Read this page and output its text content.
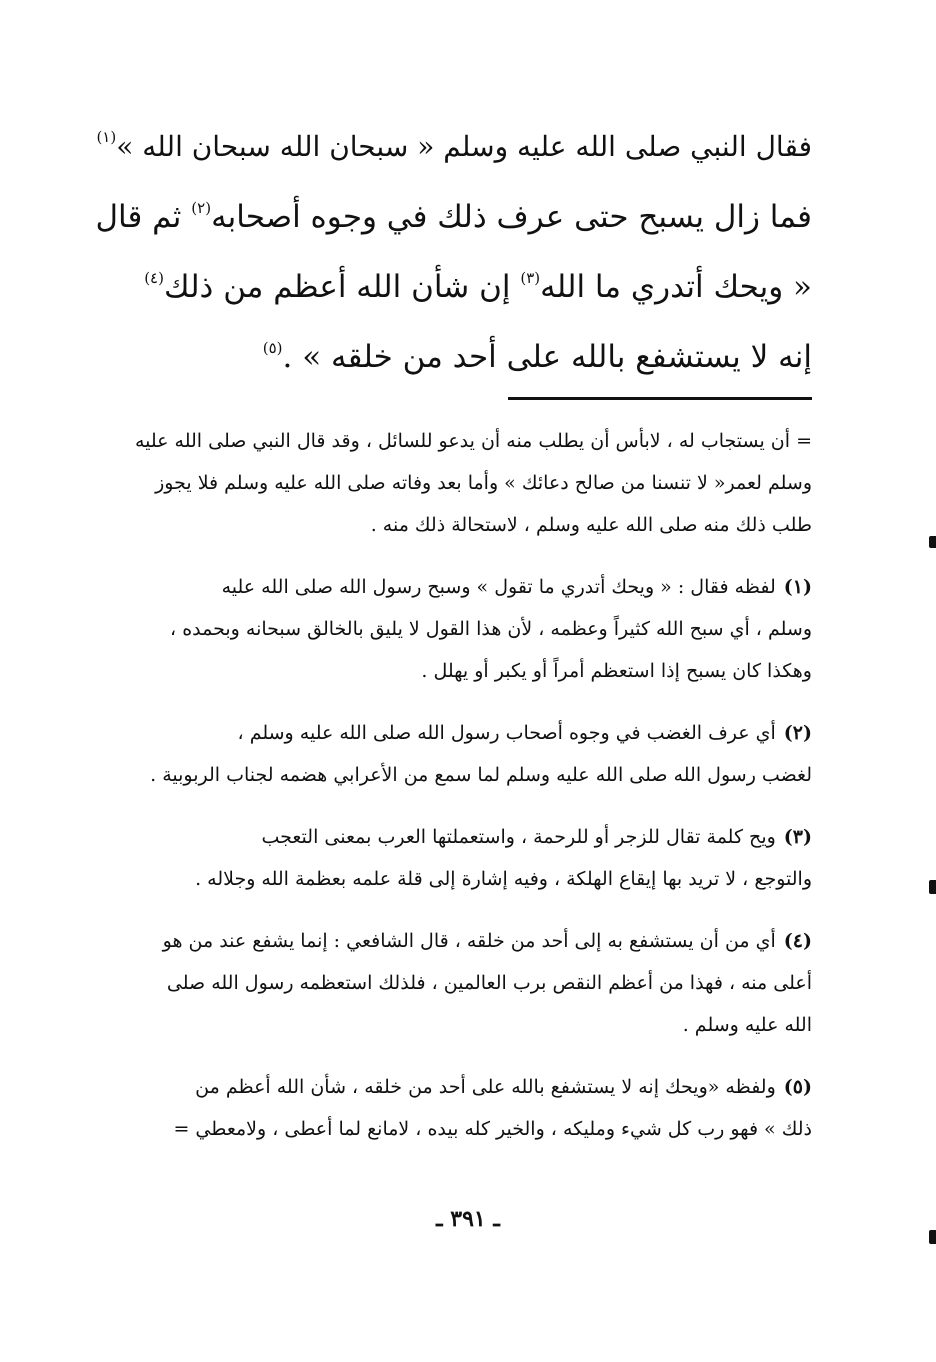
فقال النبي صلى الله عليه وسلم « سبحان الله سبحان الله »$^{(١)}$
فما زال يسبح حتى عرف ذلك في وجوه أصحابه$^{(٢)}$ ثم قال
« ويحك أتدري ما الله$^{(٣)}$ إن شأن الله أعظم من ذلك$^{(٤)}$
إنه لا يستشفع بالله على أحد من خلقه » .$^{(٥)}$
= أن يستجاب له ، لابأس أن يطلب منه أن يدعو للسائل ، وقد قال النبي صلى الله عليه
وسلم لعمر« لا تنسنا من صالح دعائك » وأما بعد وفاته صلى الله عليه وسلم فلا يجوز
طلب ذلك منه صلى الله عليه وسلم ، لاستحالة ذلك منه .
(١)لفظه فقال : « ويحك أتدري ما تقول » وسبح رسول الله صلى الله عليه
وسلم ، أي سبح الله كثيراً وعظمه ، لأن هذا القول لا يليق بالخالق سبحانه وبحمده ،
وهكذا كان يسبح إذا استعظم أمراً أو يكبر أو يهلل .
(٢)أي عرف الغضب في وجوه أصحاب رسول الله صلى الله عليه وسلم ،
لغضب رسول الله صلى الله عليه وسلم لما سمع من الأعرابي هضمه لجناب الربوبية .
(٣)ويح كلمة تقال للزجر أو للرحمة ، واستعملتها العرب بمعنى التعجب
والتوجع ، لا تريد بها إيقاع الهلكة ، وفيه إشارة إلى قلة علمه بعظمة الله وجلاله .
(٤)أي من أن يستشفع به إلى أحد من خلقه ، قال الشافعي : إنما يشفع عند من هو
أعلى منه ، فهذا من أعظم النقص برب العالمين ، فلذلك استعظمه رسول الله صلى
الله عليه وسلم .
(٥)ولفظه «ويحك إنه لا يستشفع بالله على أحد من خلقه ، شأن الله أعظم من
ذلك » فهو رب كل شيء ومليكه ، والخير كله بيده ، لامانع لما أعطى ، ولامعطي =
ـ ٣٩١ ـ
